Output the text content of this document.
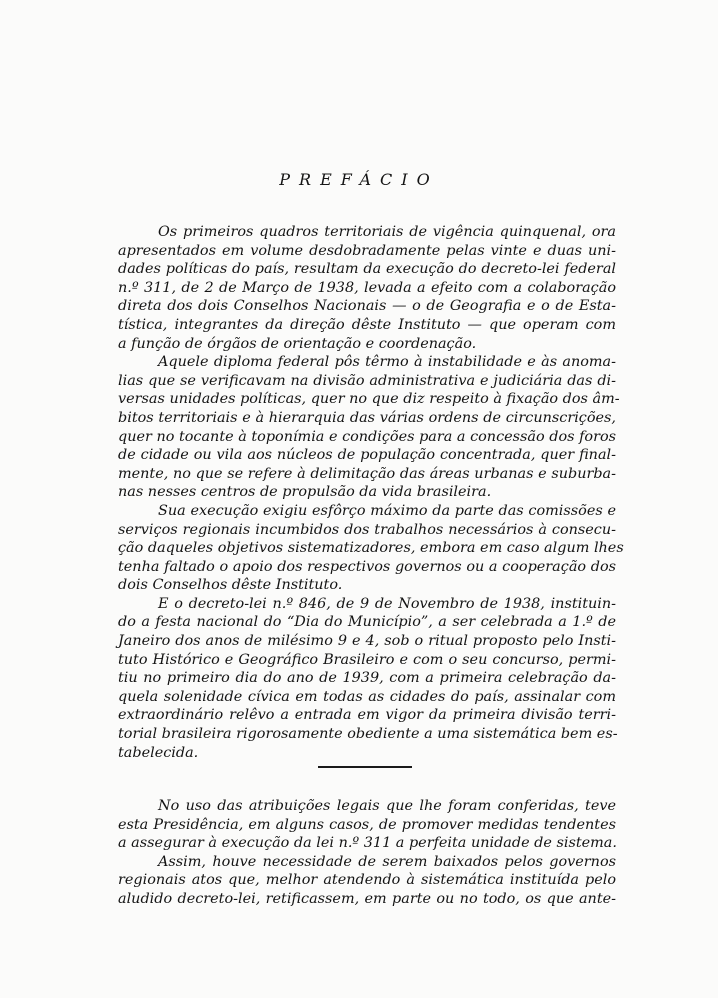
PREFÁCIO
Os primeiros quadros territoriais de vigência quinquenal, ora
apresentados em volume desdobradamente pelas vinte e duas uni-
dades políticas do país, resultam da execução do decreto-lei federal
n.º 311, de 2 de Março de 1938, levada a efeito com a colaboração
direta dos dois Conselhos Nacionais — o de Geografia e o de Esta-
tística, integrantes da direção dêste Instituto — que operam com
a função de órgãos de orientação e coordenação.
Aquele diploma federal pôs têrmo à instabilidade e às anoma-
lias que se verificavam na divisão administrativa e judiciária das di-
versas unidades políticas, quer no que diz respeito à fixação dos âm-
bitos territoriais e à hierarquia das várias ordens de circunscrições,
quer no tocante à toponímia e condições para a concessão dos foros
de cidade ou vila aos núcleos de população concentrada, quer final-
mente, no que se refere à delimitação das áreas urbanas e suburba-
nas nesses centros de propulsão da vida brasileira.
Sua execução exigiu esfôrço máximo da parte das comissões e
serviços regionais incumbidos dos trabalhos necessários à consecu-
ção daqueles objetivos sistematizadores, embora em caso algum lhes
tenha faltado o apoio dos respectivos governos ou a cooperação dos
dois Conselhos dêste Instituto.
E o decreto-lei n.º 846, de 9 de Novembro de 1938, instituin-
do a festa nacional do “Dia do Município”, a ser celebrada a 1.º de
Janeiro dos anos de milésimo 9 e 4, sob o ritual proposto pelo Insti-
tuto Histórico e Geográfico Brasileiro e com o seu concurso, permi-
tiu no primeiro dia do ano de 1939, com a primeira celebração da-
quela solenidade cívica em todas as cidades do país, assinalar com
extraordinário relêvo a entrada em vigor da primeira divisão terri-
torial brasileira rigorosamente obediente a uma sistemática bem es-
tabelecida.
No uso das atribuições legais que lhe foram conferidas, teve
esta Presidência, em alguns casos, de promover medidas tendentes
a assegurar à execução da lei n.º 311 a perfeita unidade de sistema.
Assim, houve necessidade de serem baixados pelos governos
regionais atos que, melhor atendendo à sistemática instituída pelo
aludido decreto-lei, retificassem, em parte ou no todo, os que ante-
